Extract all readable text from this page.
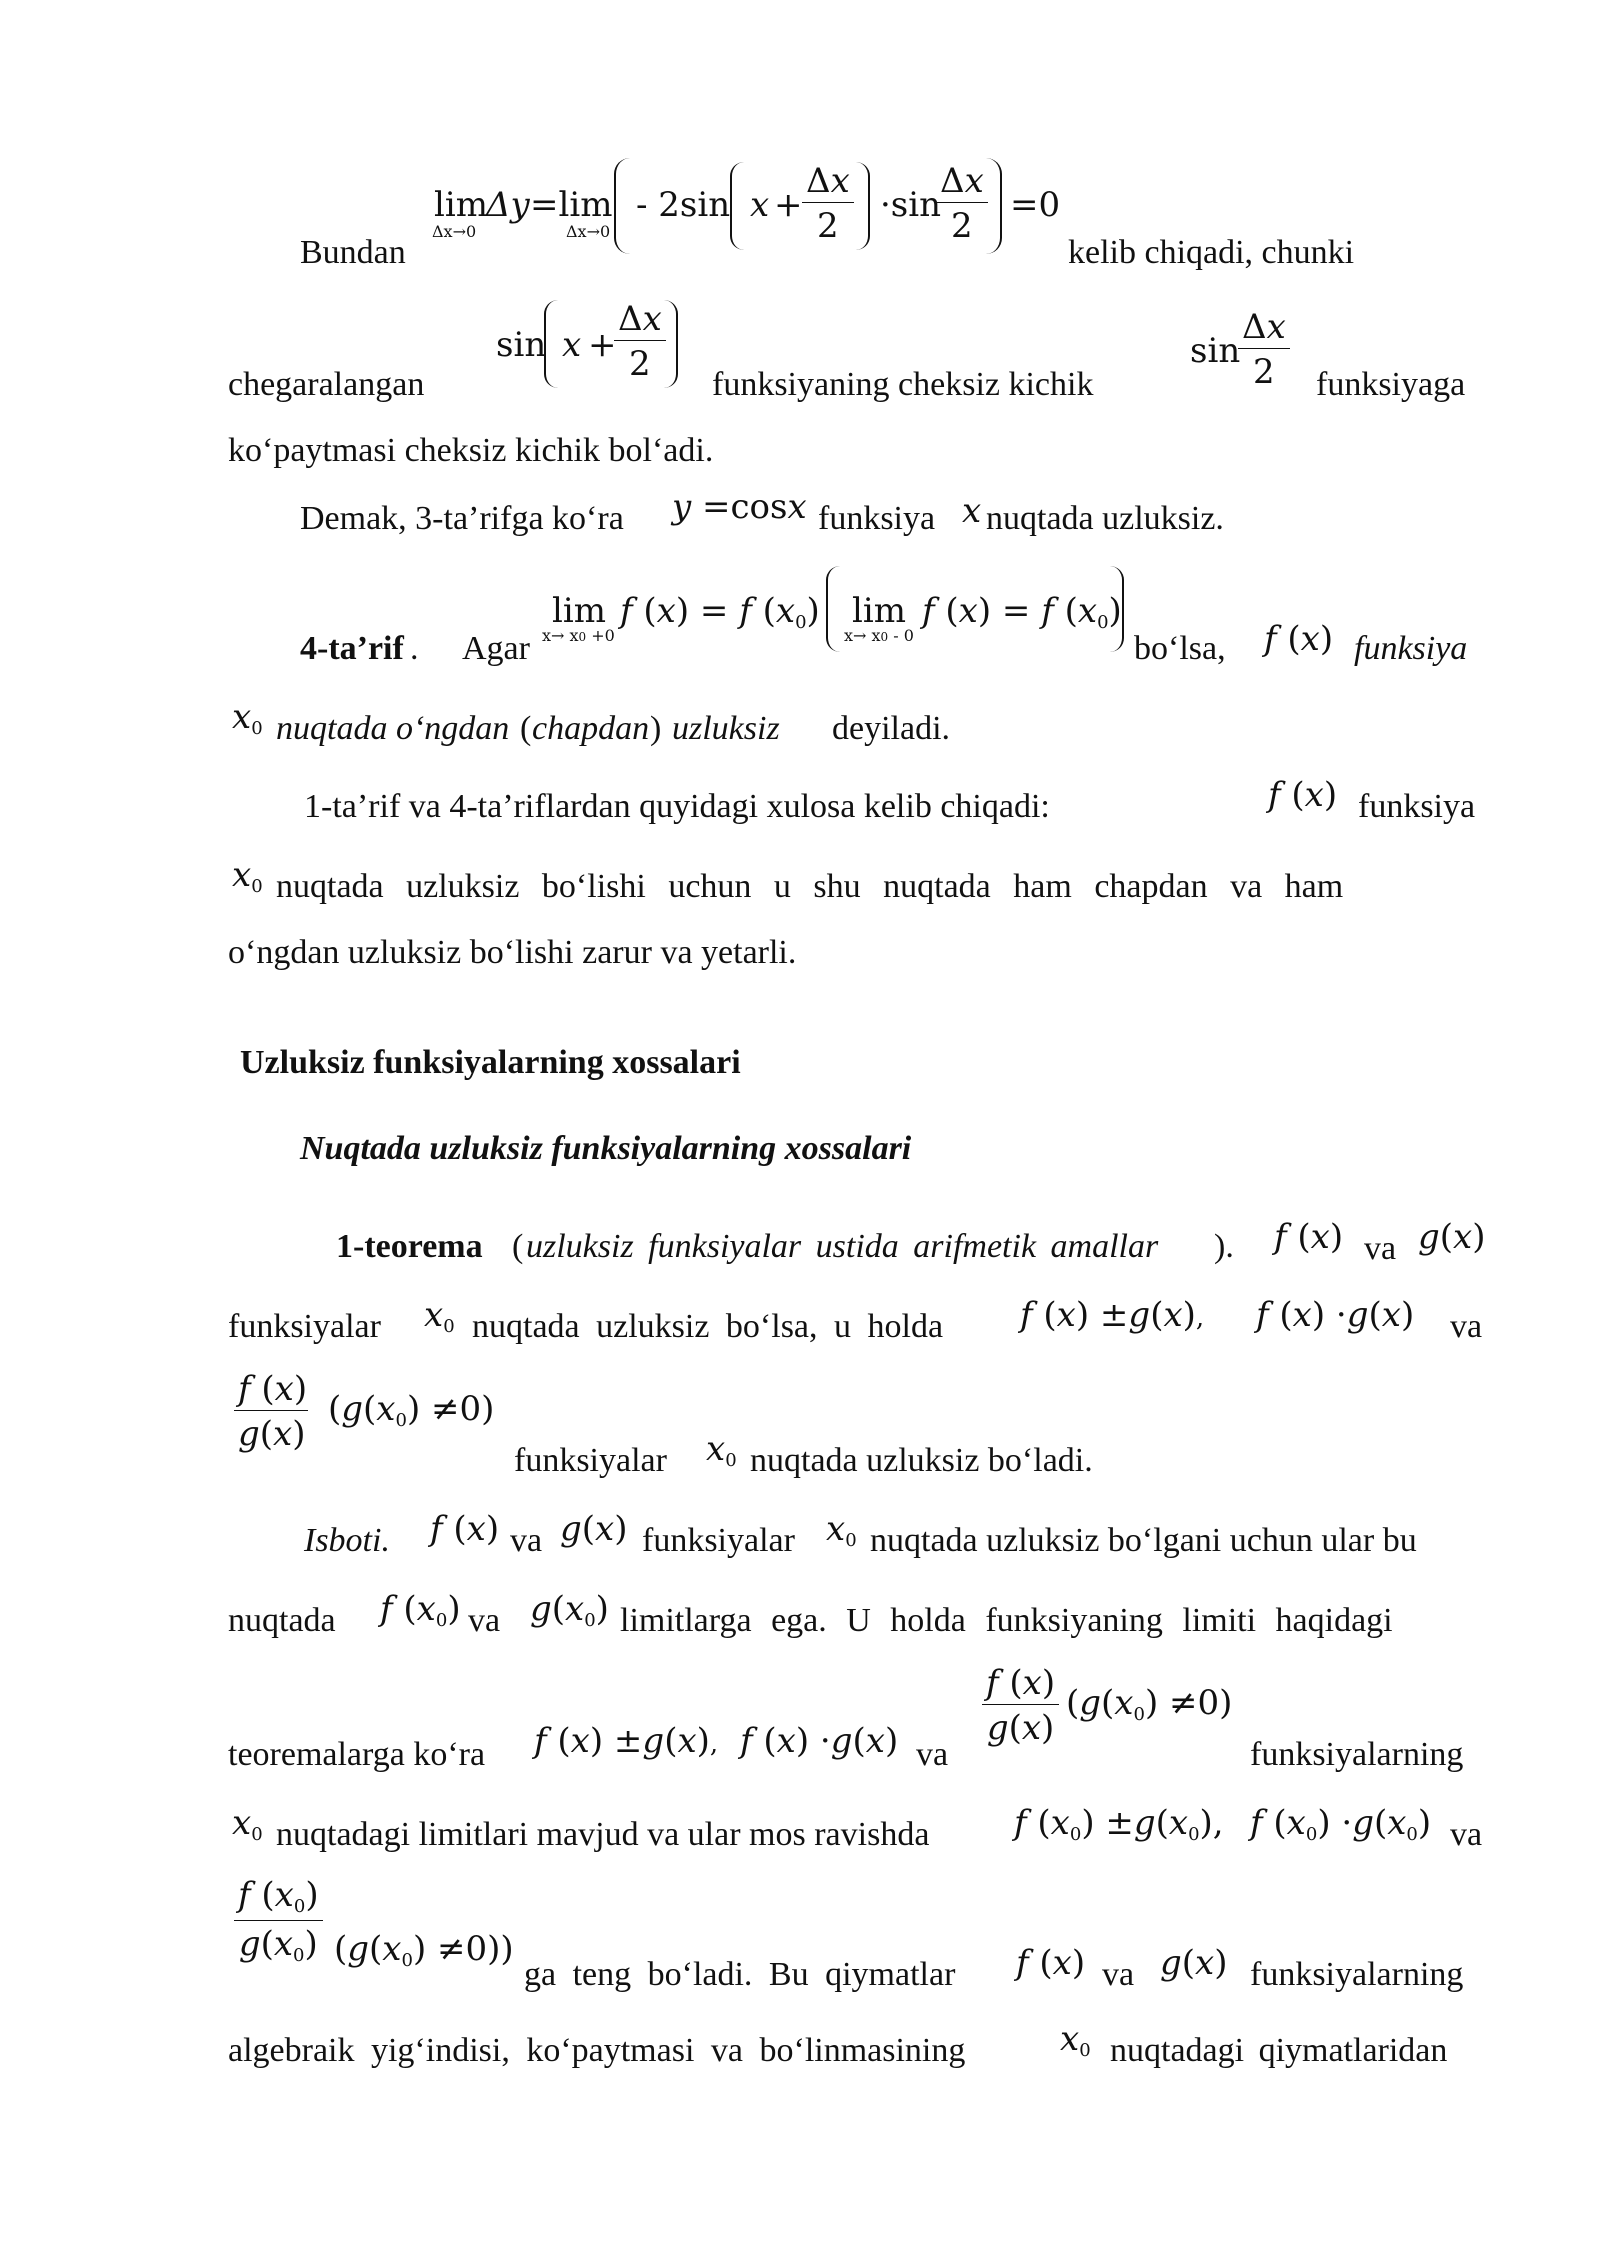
Bundan
lim
Δx→0
Δy =lim
Δx→0
- 2sin x +
Δx
2
·sin
Δx
2
=0
kelib chiqadi, chunki
chegaralangan
sin x +
Δx
2
funksiyaning cheksiz kichik
sin
Δx
2 funksiyaga
ko‘paytmasi cheksiz kichik bol‘adi.
Demak, 3-ta’rifga ko‘ra y =cosx funksiya x nuqtada uzluksiz.
4-ta’rif . Agar
lim
x→ x0 +0
f (x) = f $(x_0)$ lim
x→ x0 - 0
f (x) = f $(x_0)$
bo‘lsa, f (x) funksiya
$x_0$ nuqtada o‘ngdan ( chapdan ) uzluksiz deyiladi.
1-ta’rif va 4-ta’riflardan quyidagi xulosa kelib chiqadi:	f (x) funksiya
$x_0$ nuqtada uzluksiz bo‘lishi uchun u shu nuqtada ham chapdan va ham
o‘ngdan uzluksiz bo‘lishi zarur va yetarli.
Uzluksiz funksiyalarning xossalari
Nuqtada uzluksiz funksiyalarning xossalari
1-teorema ( uzluksiz funksiyalar ustida arifmetik amallar ). f (x) va g(x)
funksiyalar $x_0$ nuqtada uzluksiz bo‘lsa, u holda f (x) ±g(x), f (x) ·g(x) va
f (x)
g(x)
$(g(x_0) \ne 0)$
funksiyalar $x_0$ nuqtada uzluksiz bo‘ladi.
Isboti. f (x) va g(x) funksiyalar $x_0$ nuqtada uzluksiz bo‘lgani uchun ular bu
nuqtada f $(x_0)$ va $g(x_0)$ limitlarga ega. U holda funksiyaning limiti haqidagi
teoremalarga ko‘ra f (x) ±g(x), f (x) ·g(x) va
f (x)
g(x)
$(g(x_0) \ne 0)$
funksiyalarning
$x_0$ nuqtadagi limitlari mavjud va ular mos ravishda f $(x_0) \pm g(x_0)$, f $(x_0) \cdot g(x_0)$ va
f $(x_0)$
$g(x_0)$ $(g(x_0) \ne 0)$)
ga teng bo‘ladi. Bu qiymatlar f (x) va g(x) funksiyalarning
algebraik yig‘indisi, ko‘paytmasi va bo‘linmasining	$x_0$ nuqtadagi qiymatlaridan
